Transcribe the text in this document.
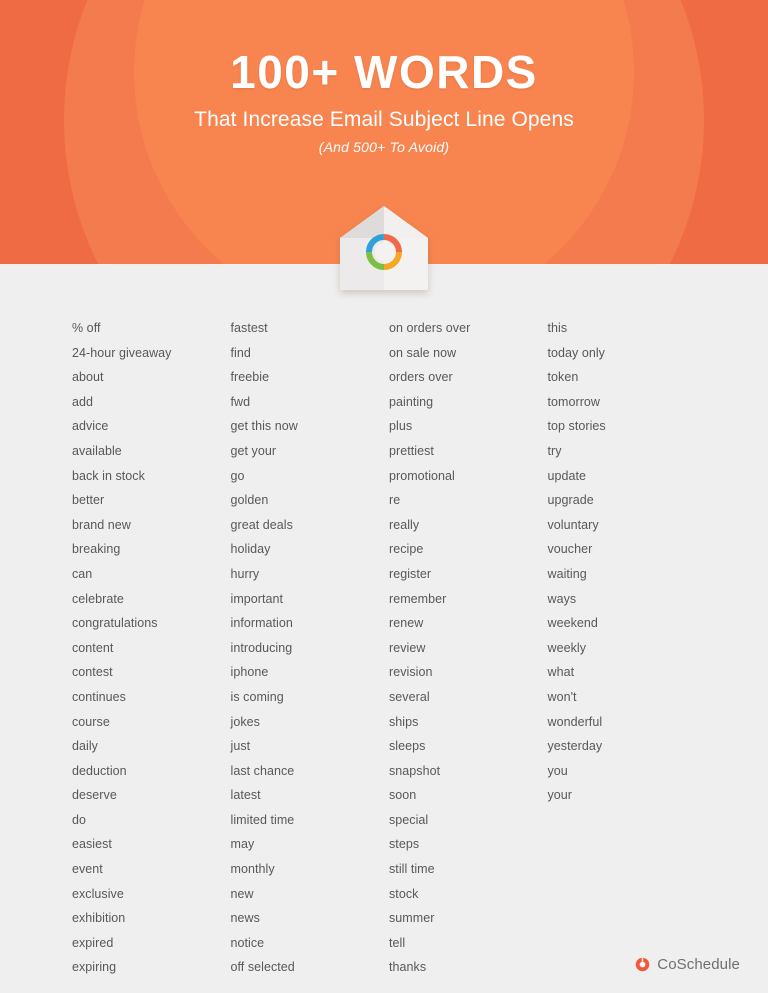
100+ WORDS

That Increase Email Subject Line Opens

(And 500+ To Avoid)

% off
24-hour giveaway
about
add
advice
available
back in stock
better
brand new
breaking
can
celebrate
congratulations
content
contest
continues
course
daily
deduction
deserve
do
easiest
event
exclusive
exhibition
expired
expiring
fastest
find
freebie
fwd
get this now
get your
go
golden
great deals
holiday
hurry
important
information
introducing
iphone
is coming
jokes
just
last chance
latest
limited time
may
monthly
new
news
notice
off selected
on orders over
on sale now
orders over
painting
plus
prettiest
promotional
re
really
recipe
register
remember
renew
review
revision
several
ships
sleeps
snapshot
soon
special
steps
still time
stock
summer
tell
thanks
this
today only
token
tomorrow
top stories
try
update
upgrade
voluntary
voucher
waiting
ways
weekend
weekly
what
won't
wonderful
yesterday
you
your
CoSchedule
